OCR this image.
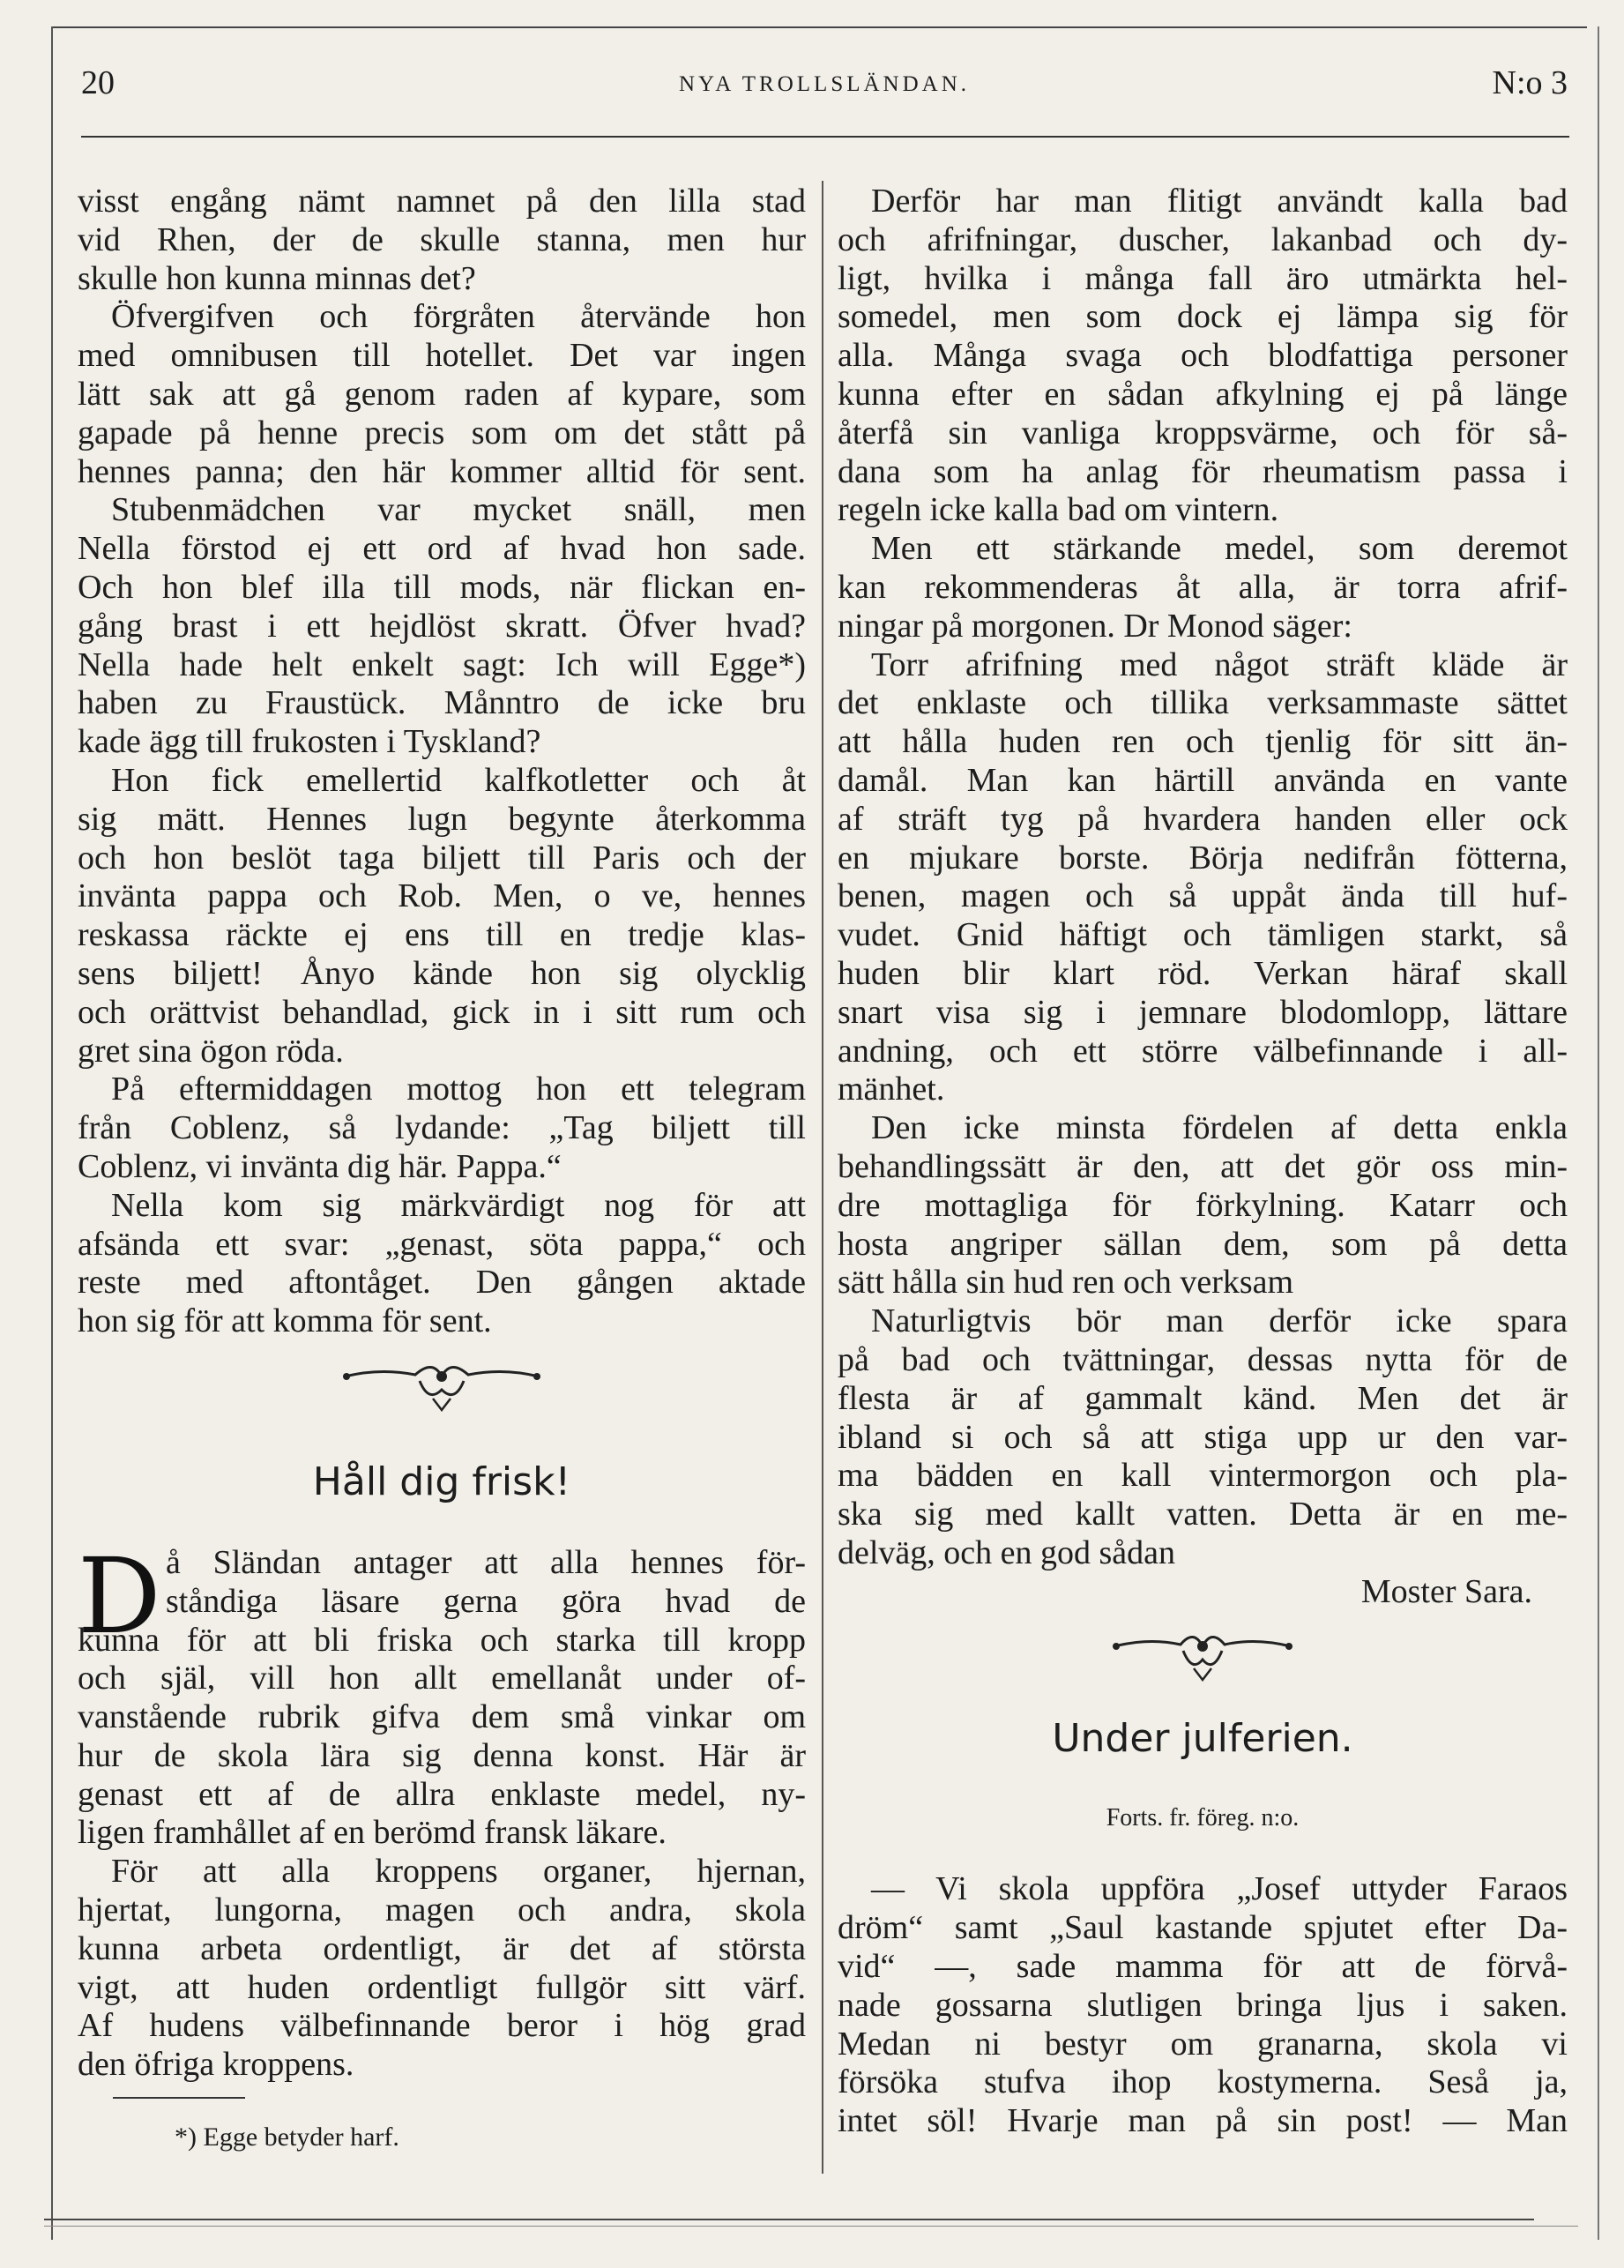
20	NYA TROLLSLÄNDAN.	N:o 3
visst engång nämt namnet på den lilla stad
vid Rhen, der de skulle stanna, men hur
skulle hon kunna minnas det?
Öfvergifven och förgråten återvände hon
med omnibusen till hotellet. Det var ingen
lätt sak att gå genom raden af kypare, som
gapade på henne precis som om det stått på
hennes panna; den här kommer alltid för sent.
Stubenmädchen var mycket snäll, men
Nella förstod ej ett ord af hvad hon sade.
Och hon blef illa till mods, när flickan en-
gång brast i ett hejdlöst skratt. Öfver hvad?
Nella hade helt enkelt sagt: Ich will Egge*)
haben zu Fraustück. Månntro de icke bru
kade ägg till frukosten i Tyskland?
Hon fick emellertid kalfkotletter och åt
sig mätt. Hennes lugn begynte återkomma
och hon beslöt taga biljett till Paris och der
invänta pappa och Rob. Men, o ve, hennes
reskassa räckte ej ens till en tredje klas-
sens biljett! Ånyo kände hon sig olycklig
och orättvist behandlad, gick in i sitt rum och
gret sina ögon röda.
På eftermiddagen mottog hon ett telegram
från Coblenz, så lydande: „Tag biljett till
Coblenz, vi invänta dig här. Pappa.“
Nella kom sig märkvärdigt nog för att
afsända ett svar: „genast, söta pappa,“ och
reste med aftontåget. Den gången aktade
hon sig för att komma för sent.
Håll dig frisk!
D å Sländan antager att alla hennes för-
ståndiga läsare gerna göra hvad de
kunna för att bli friska och starka till kropp
och själ, vill hon allt emellanåt under of-
vanstående rubrik gifva dem små vinkar om
hur de skola lära sig denna konst. Här är
genast ett af de allra enklaste medel, ny-
ligen framhållet af en berömd fransk läkare.
För att alla kroppens organer, hjernan,
hjertat, lungorna, magen och andra, skola
kunna arbeta ordentligt, är det af största
vigt, att huden ordentligt fullgör sitt värf.
Af hudens välbefinnande beror i hög grad
den öfriga kroppens.
*) Egge betyder harf.
Derför har man flitigt användt kalla bad
och afrifningar, duscher, lakanbad och dy-
ligt, hvilka i många fall äro utmärkta hel-
somedel, men som dock ej lämpa sig för
alla. Många svaga och blodfattiga personer
kunna efter en sådan afkylning ej på länge
återfå sin vanliga kroppsvärme, och för så-
dana som ha anlag för rheumatism passa i
regeln icke kalla bad om vintern.
Men ett stärkande medel, som deremot
kan rekommenderas åt alla, är torra afrif-
ningar på morgonen. Dr Monod säger:
Torr afrifning med något sträft kläde är
det enklaste och tillika verksammaste sättet
att hålla huden ren och tjenlig för sitt än-
damål. Man kan härtill använda en vante
af sträft tyg på hvardera handen eller ock
en mjukare borste. Börja nedifrån fötterna,
benen, magen och så uppåt ända till huf-
vudet. Gnid häftigt och tämligen starkt, så
huden blir klart röd. Verkan häraf skall
snart visa sig i jemnare blodomlopp, lättare
andning, och ett större välbefinnande i all-
mänhet.
Den icke minsta fördelen af detta enkla
behandlingssätt är den, att det gör oss min-
dre mottagliga för förkylning. Katarr och
hosta angriper sällan dem, som på detta
sätt hålla sin hud ren och verksam
Naturligtvis bör man derför icke spara
på bad och tvättningar, dessas nytta för de
flesta är af gammalt känd. Men det är
ibland si och så att stiga upp ur den var-
ma bädden en kall vintermorgon och pla-
ska sig med kallt vatten. Detta är en me-
delväg, och en god sådan
Moster Sara.
Under julferien.
Forts. fr. föreg. n:o.
— Vi skola uppföra „Josef uttyder Faraos
dröm“ samt „Saul kastande spjutet efter Da-
vid“ —, sade mamma för att de förvå-
nade gossarna slutligen bringa ljus i saken.
Medan ni bestyr om granarna, skola vi
försöka stufva ihop kostymerna. Seså ja,
intet söl! Hvarje man på sin post! — Man
